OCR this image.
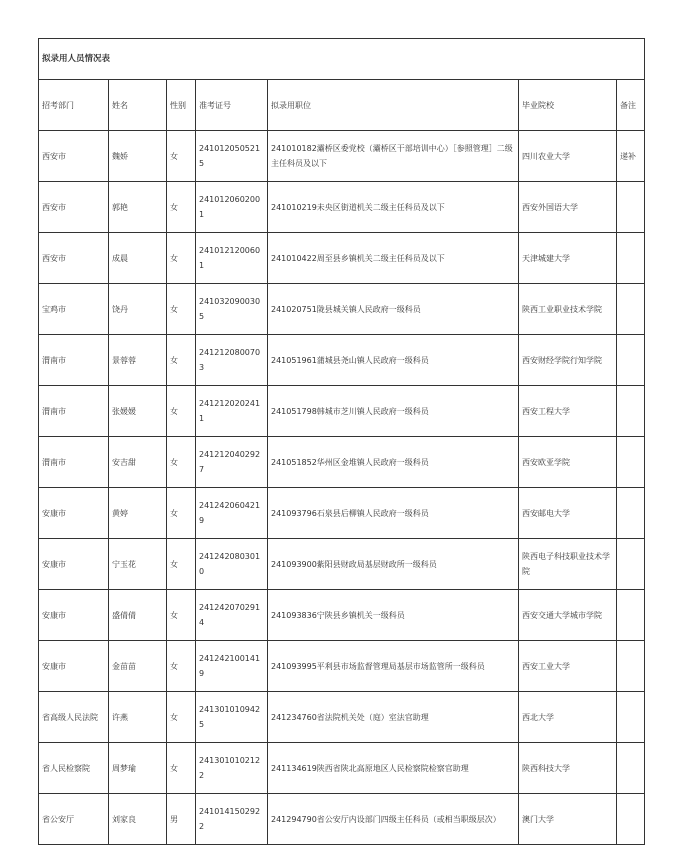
拟录用人员情况表						
招考部门	姓名	性别	准考证号	拟录用职位	毕业院校	备注
西安市	魏娇	女	2410120505215	241010182灞桥区委党校（灞桥区干部培训中心）［参照管理］二级主任科员及以下	四川农业大学	递补
西安市	郭艳	女	2410120602001	241010219未央区街道机关二级主任科员及以下	西安外国语大学	
西安市	成晨	女	2410121200601	241010422周至县乡镇机关二级主任科员及以下	天津城建大学	
宝鸡市	饶丹	女	2410320900305	241020751陇县城关镇人民政府一级科员	陕西工业职业技术学院	
渭南市	景蓉蓉	女	2412120800703	241051961蒲城县尧山镇人民政府一级科员	西安财经学院行知学院	
渭南市	张媛媛	女	2412120202411	241051798韩城市芝川镇人民政府一级科员	西安工程大学	
渭南市	安吉甜	女	2412120402927	241051852华州区金堆镇人民政府一级科员	西安欧亚学院	
安康市	黄婷	女	2412420604219	241093796石泉县后柳镇人民政府一级科员	西安邮电大学	
安康市	宁玉花	女	2412420803010	241093900紫阳县财政局基层财政所一级科员	陕西电子科技职业技术学院	
安康市	盛倩倩	女	2412420702914	241093836宁陕县乡镇机关一级科员	西安交通大学城市学院	
安康市	金苗苗	女	2412421001419	241093995平利县市场监督管理局基层市场监管所一级科员	西安工业大学	
省高级人民法院	许燕	女	2413010109425	241234760省法院机关处（庭）室法官助理	西北大学	
省人民检察院	周梦瑜	女	2413010102122	241134619陕西省陕北高原地区人民检察院检察官助理	陕西科技大学	
省公安厅	刘家良	男	2410141502922	241294790省公安厅内设部门四级主任科员（或相当职级层次）	澳门大学	
